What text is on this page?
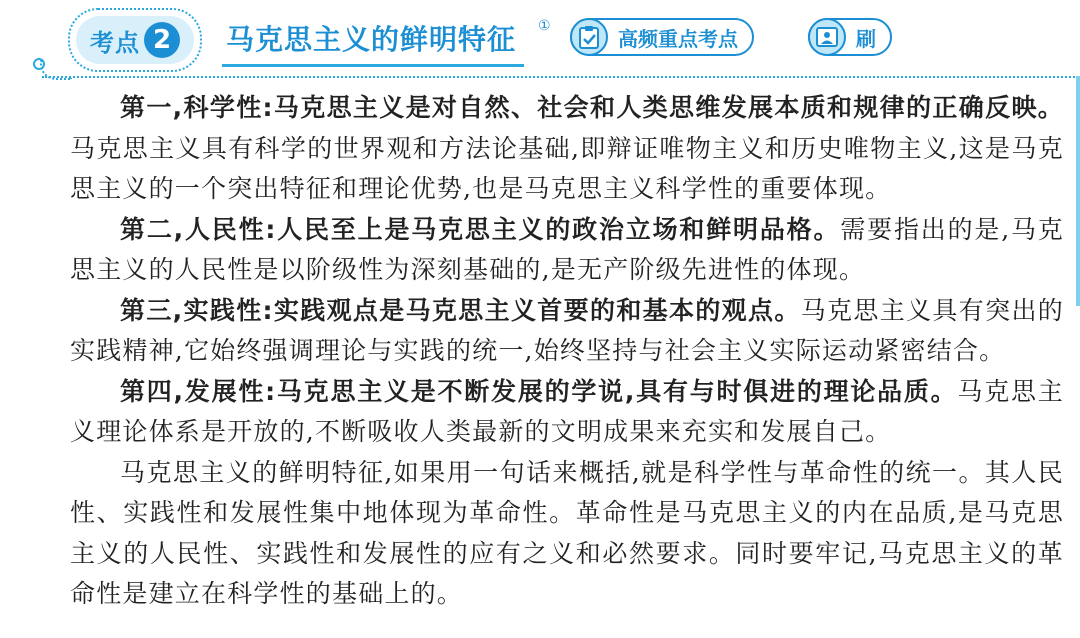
考点 2	马克思主义的鲜明特征	①
高频重点考点	刷

第一,科学性:马克思主义是对自然、社会和人类思维发展本质和规律的正确反映。马克思主义具有科学的世界观和方法论基础,即辩证唯物主义和历史唯物主义,这是马克思主义的一个突出特征和理论优势,也是马克思主义科学性的重要体现。

第二,人民性:人民至上是马克思主义的政治立场和鲜明品格。需要指出的是,马克思主义的人民性是以阶级性为深刻基础的,是无产阶级先进性的体现。

第三,实践性:实践观点是马克思主义首要的和基本的观点。马克思主义具有突出的实践精神,它始终强调理论与实践的统一,始终坚持与社会主义实际运动紧密结合。

第四,发展性:马克思主义是不断发展的学说,具有与时俱进的理论品质。马克思主义理论体系是开放的,不断吸收人类最新的文明成果来充实和发展自己。

马克思主义的鲜明特征,如果用一句话来概括,就是科学性与革命性的统一。其人民性、实践性和发展性集中地体现为革命性。革命性是马克思主义的内在品质,是马克思主义的人民性、实践性和发展性的应有之义和必然要求。同时要牢记,马克思主义的革命性是建立在科学性的基础上的。
